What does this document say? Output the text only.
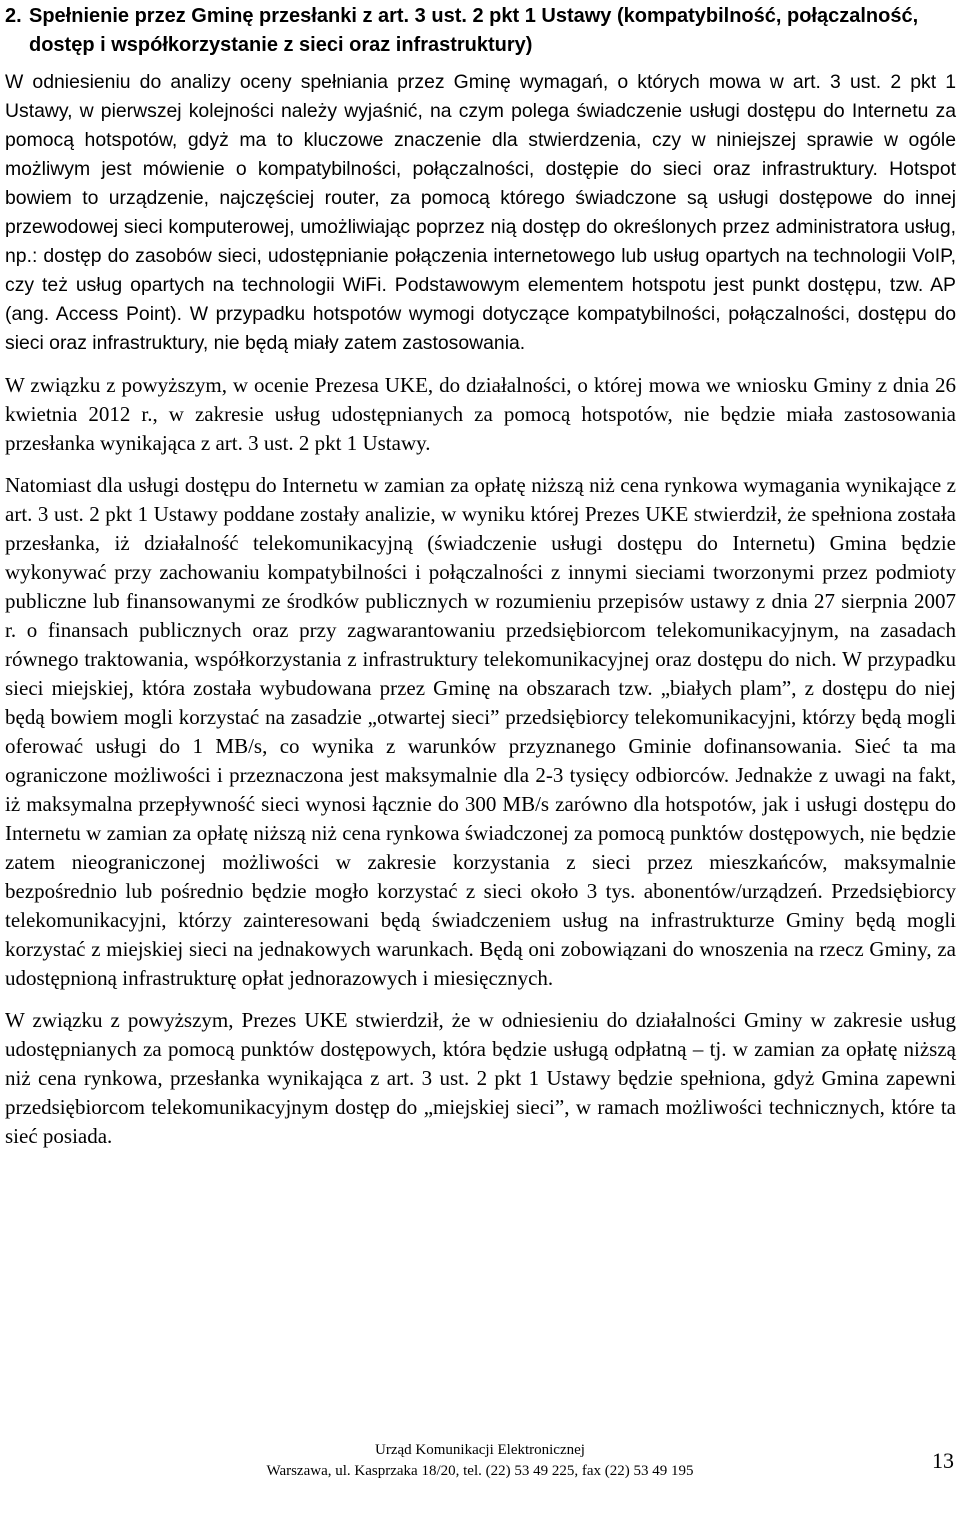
2. Spełnienie przez Gminę przesłanki z art. 3 ust. 2 pkt 1 Ustawy (kompatybilność, połączalność, dostęp i współkorzystanie z sieci oraz infrastruktury)

W odniesieniu do analizy oceny spełniania przez Gminę wymagań, o których mowa w art. 3 ust. 2 pkt 1 Ustawy, w pierwszej kolejności należy wyjaśnić, na czym polega świadczenie usługi dostępu do Internetu za pomocą hotspotów, gdyż ma to kluczowe znaczenie dla stwierdzenia, czy w niniejszej sprawie w ogóle możliwym jest mówienie o kompatybilności, połączalności, dostępie do sieci oraz infrastruktury. Hotspot bowiem to urządzenie, najczęściej router, za pomocą którego świadczone są usługi dostępowe do innej przewodowej sieci komputerowej, umożliwiając poprzez nią dostęp do określonych przez administratora usług, np.: dostęp do zasobów sieci, udostępnianie połączenia internetowego lub usług opartych na technologii VoIP, czy też usług opartych na technologii WiFi. Podstawowym elementem hotspotu jest punkt dostępu, tzw. AP (ang. Access Point). W przypadku hotspotów wymogi dotyczące kompatybilności, połączalności, dostępu do sieci oraz infrastruktury, nie będą miały zatem zastosowania.

W związku z powyższym, w ocenie Prezesa UKE, do działalności, o której mowa we wniosku Gminy z dnia 26 kwietnia 2012 r., w zakresie usług udostępnianych za pomocą hotspotów, nie będzie miała zastosowania przesłanka wynikająca z art. 3 ust. 2 pkt 1 Ustawy.

Natomiast dla usługi dostępu do Internetu w zamian za opłatę niższą niż cena rynkowa wymagania wynikające z art. 3 ust. 2 pkt 1 Ustawy poddane zostały analizie, w wyniku której Prezes UKE stwierdził, że spełniona została przesłanka, iż działalność telekomunikacyjną (świadczenie usługi dostępu do Internetu) Gmina będzie wykonywać przy zachowaniu kompatybilności i połączalności z innymi sieciami tworzonymi przez podmioty publiczne lub finansowanymi ze środków publicznych w rozumieniu przepisów ustawy z dnia 27 sierpnia 2007 r. o finansach publicznych oraz przy zagwarantowaniu przedsiębiorcom telekomunikacyjnym, na zasadach równego traktowania, współkorzystania z infrastruktury telekomunikacyjnej oraz dostępu do nich. W przypadku sieci miejskiej, która została wybudowana przez Gminę na obszarach tzw. „białych plam”, z dostępu do niej będą bowiem mogli korzystać na zasadzie „otwartej sieci” przedsiębiorcy telekomunikacyjni, którzy będą mogli oferować usługi do 1 MB/s, co wynika z warunków przyznanego Gminie dofinansowania. Sieć ta ma ograniczone możliwości i przeznaczona jest maksymalnie dla 2-3 tysięcy odbiorców. Jednakże z uwagi na fakt, iż maksymalna przepływność sieci wynosi łącznie do 300 MB/s zarówno dla hotspotów, jak i usługi dostępu do Internetu w zamian za opłatę niższą niż cena rynkowa świadczonej za pomocą punktów dostępowych, nie będzie zatem nieograniczonej możliwości w zakresie korzystania z sieci przez mieszkańców, maksymalnie bezpośrednio lub pośrednio będzie mogło korzystać z sieci około 3 tys. abonentów/urządzeń. Przedsiębiorcy telekomunikacyjni, którzy zainteresowani będą świadczeniem usług na infrastrukturze Gminy będą mogli korzystać z miejskiej sieci na jednakowych warunkach. Będą oni zobowiązani do wnoszenia na rzecz Gminy, za udostępnioną infrastrukturę opłat jednorazowych i miesięcznych.

W związku z powyższym, Prezes UKE stwierdził, że w odniesieniu do działalności Gminy w zakresie usług udostępnianych za pomocą punktów dostępowych, która będzie usługą odpłatną – tj. w zamian za opłatę niższą niż cena rynkowa, przesłanka wynikająca z art. 3 ust. 2 pkt 1 Ustawy będzie spełniona, gdyż Gmina zapewni przedsiębiorcom telekomunikacyjnym dostęp do „miejskiej sieci”, w ramach możliwości technicznych, które ta sieć posiada.

Urząd Komunikacji Elektronicznej
Warszawa, ul. Kasprzaka 18/20, tel. (22) 53 49 225, fax (22) 53 49 195	13
